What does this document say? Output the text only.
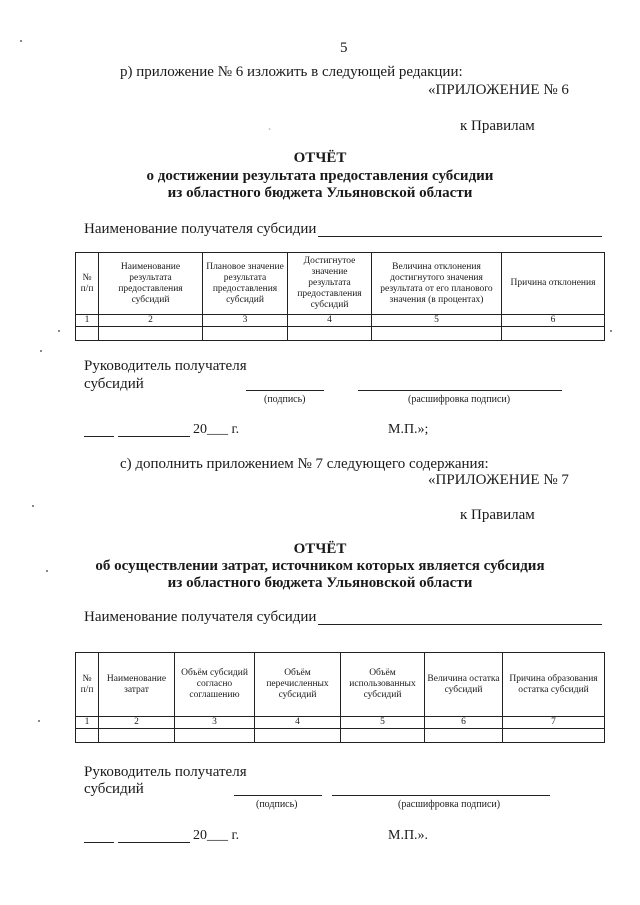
ˋ
5
р) приложение № 6 изложить в следующей редакции:
«ПРИЛОЖЕНИЕ № 6
к Правилам
ОТЧЁТ
о достижении результата предоставления субсидии
из областного бюджета Ульяновской области
Наименование получателя субсидии
№ п/п	Наименование результата предоставления субсидий	Плановое значение результата предоставления субсидий	Достигнутое значение результата предоставления субсидий	Величина отклонения достигнутого значения результата от его планового значения (в процентах)	Причина отклонения
1	2	3	4	5	6

Руководитель получателя
субсидий
(подпись)	(расшифровка подписи)
20___ г.	М.П.»;
с) дополнить приложением № 7 следующего содержания:
«ПРИЛОЖЕНИЕ № 7
к Правилам
ОТЧЁТ
об осуществлении затрат, источником которых является субсидия
из областного бюджета Ульяновской области
Наименование получателя субсидии
№ п/п	Наименование затрат	Объём субсидий согласно соглашению	Объём перечисленных субсидий	Объём использованных субсидий	Величина остатка субсидий	Причина образования остатка субсидий
1	2	3	4	5	6	7

Руководитель получателя
субсидий
(подпись)	(расшифровка подписи)
20___ г.	М.П.».
